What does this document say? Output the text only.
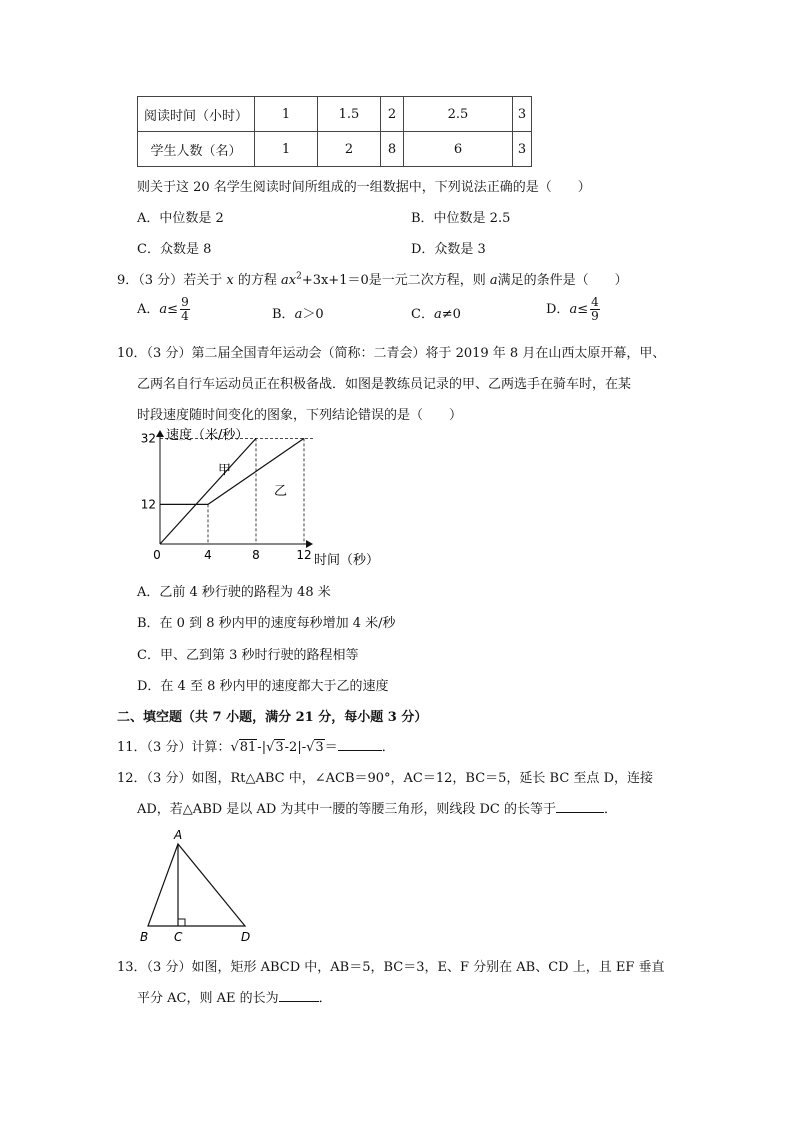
阅读时间（小时）	1	1.5	2	2.5	3
学生人数（名）	1	2	8	6	3
则关于这 20 名学生阅读时间所组成的一组数据中，下列说法正确的是（　　）
A．中位数是 2	B．中位数是 2.5
C．众数是 8	D．众数是 3
9．（3 分）若关于 x 的方程 $ax^2+3x+1=0$是一元二次方程，则 a满足的条件是（　　）
A．$a\le \frac{9}{4}$	B．a＞0	C．a≠0	D．$a\le \frac{4}{9}$
10．（3 分）第二届全国青年运动会（简称：二青会）将于 2019 年 8 月在山西太原开幕，甲、
乙两名自行车运动员正在积极备战．如图是教练员记录的甲、乙两选手在骑车时，在某
时段速度随时间变化的图象，下列结论错误的是（　　）
速度（米/秒）
时间（秒）
0	4	8	12
12
32
甲
乙
A．乙前 4 秒行驶的路程为 48 米
B．在 0 到 8 秒内甲的速度每秒增加 4 米/秒
C．甲、乙到第 3 秒时行驶的路程相等
D．在 4 至 8 秒内甲的速度都大于乙的速度
二、填空题（共 7 小题，满分 21 分，每小题 3 分）
11．（3 分）计算：√81-|√3-2|-√3＝	．
12．（3 分）如图，Rt△ABC 中，∠ACB＝90°，AC＝12，BC＝5，延长 BC 至点 D，连接
AD，若△ABD 是以 AD 为其中一腰的等腰三角形，则线段 DC 的长等于	．
A
B C	D
13．（3 分）如图，矩形 ABCD 中，AB＝5，BC＝3，E、F 分别在 AB、CD 上，且 EF 垂直
平分 AC，则 AE 的长为	．
